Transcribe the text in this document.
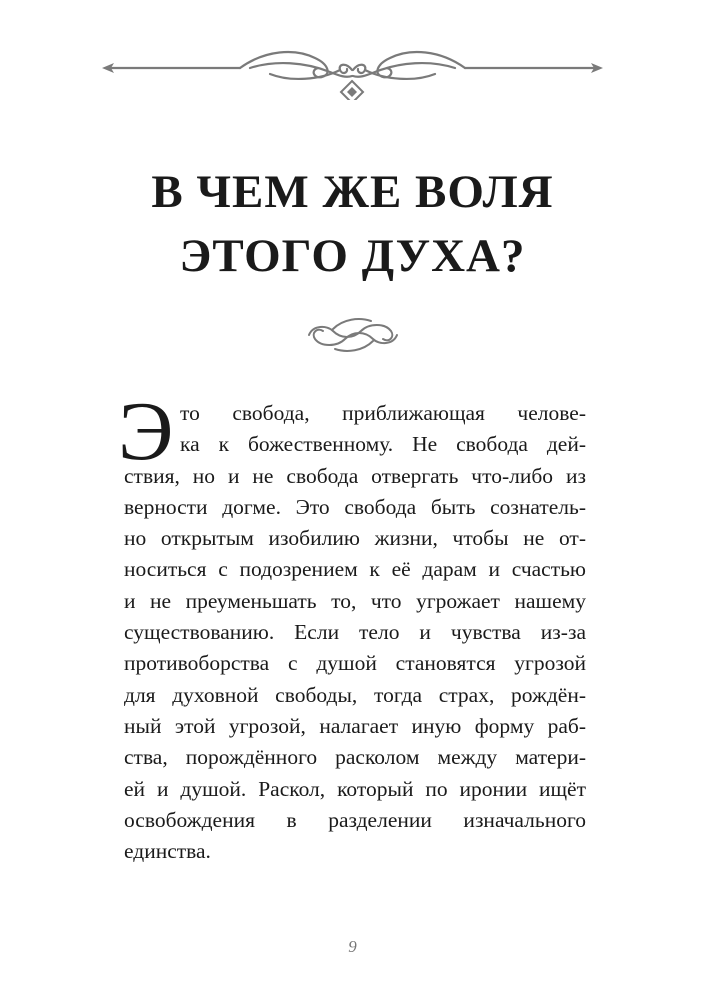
В ЧЕМ ЖЕ ВОЛЯ
ЭТОГО ДУХА?
Э то свобода, приближающая челове-
ка к божественному. Не свобода дей-
ствия, но и не свобода отвергать что-либо из
верности догме. Это свобода быть сознатель-
но открытым изобилию жизни, чтобы не от-
носиться с подозрением к её дарам и счастью
и не преуменьшать то, что угрожает нашему
существованию. Если тело и чувства из-за
противоборства с душой становятся угрозой
для духовной свободы, тогда страх, рождён-
ный этой угрозой, налагает иную форму раб-
ства, порождённого расколом между матери-
ей и душой. Раскол, который по иронии ищёт
освобождения в разделении изначального
единства.
9
